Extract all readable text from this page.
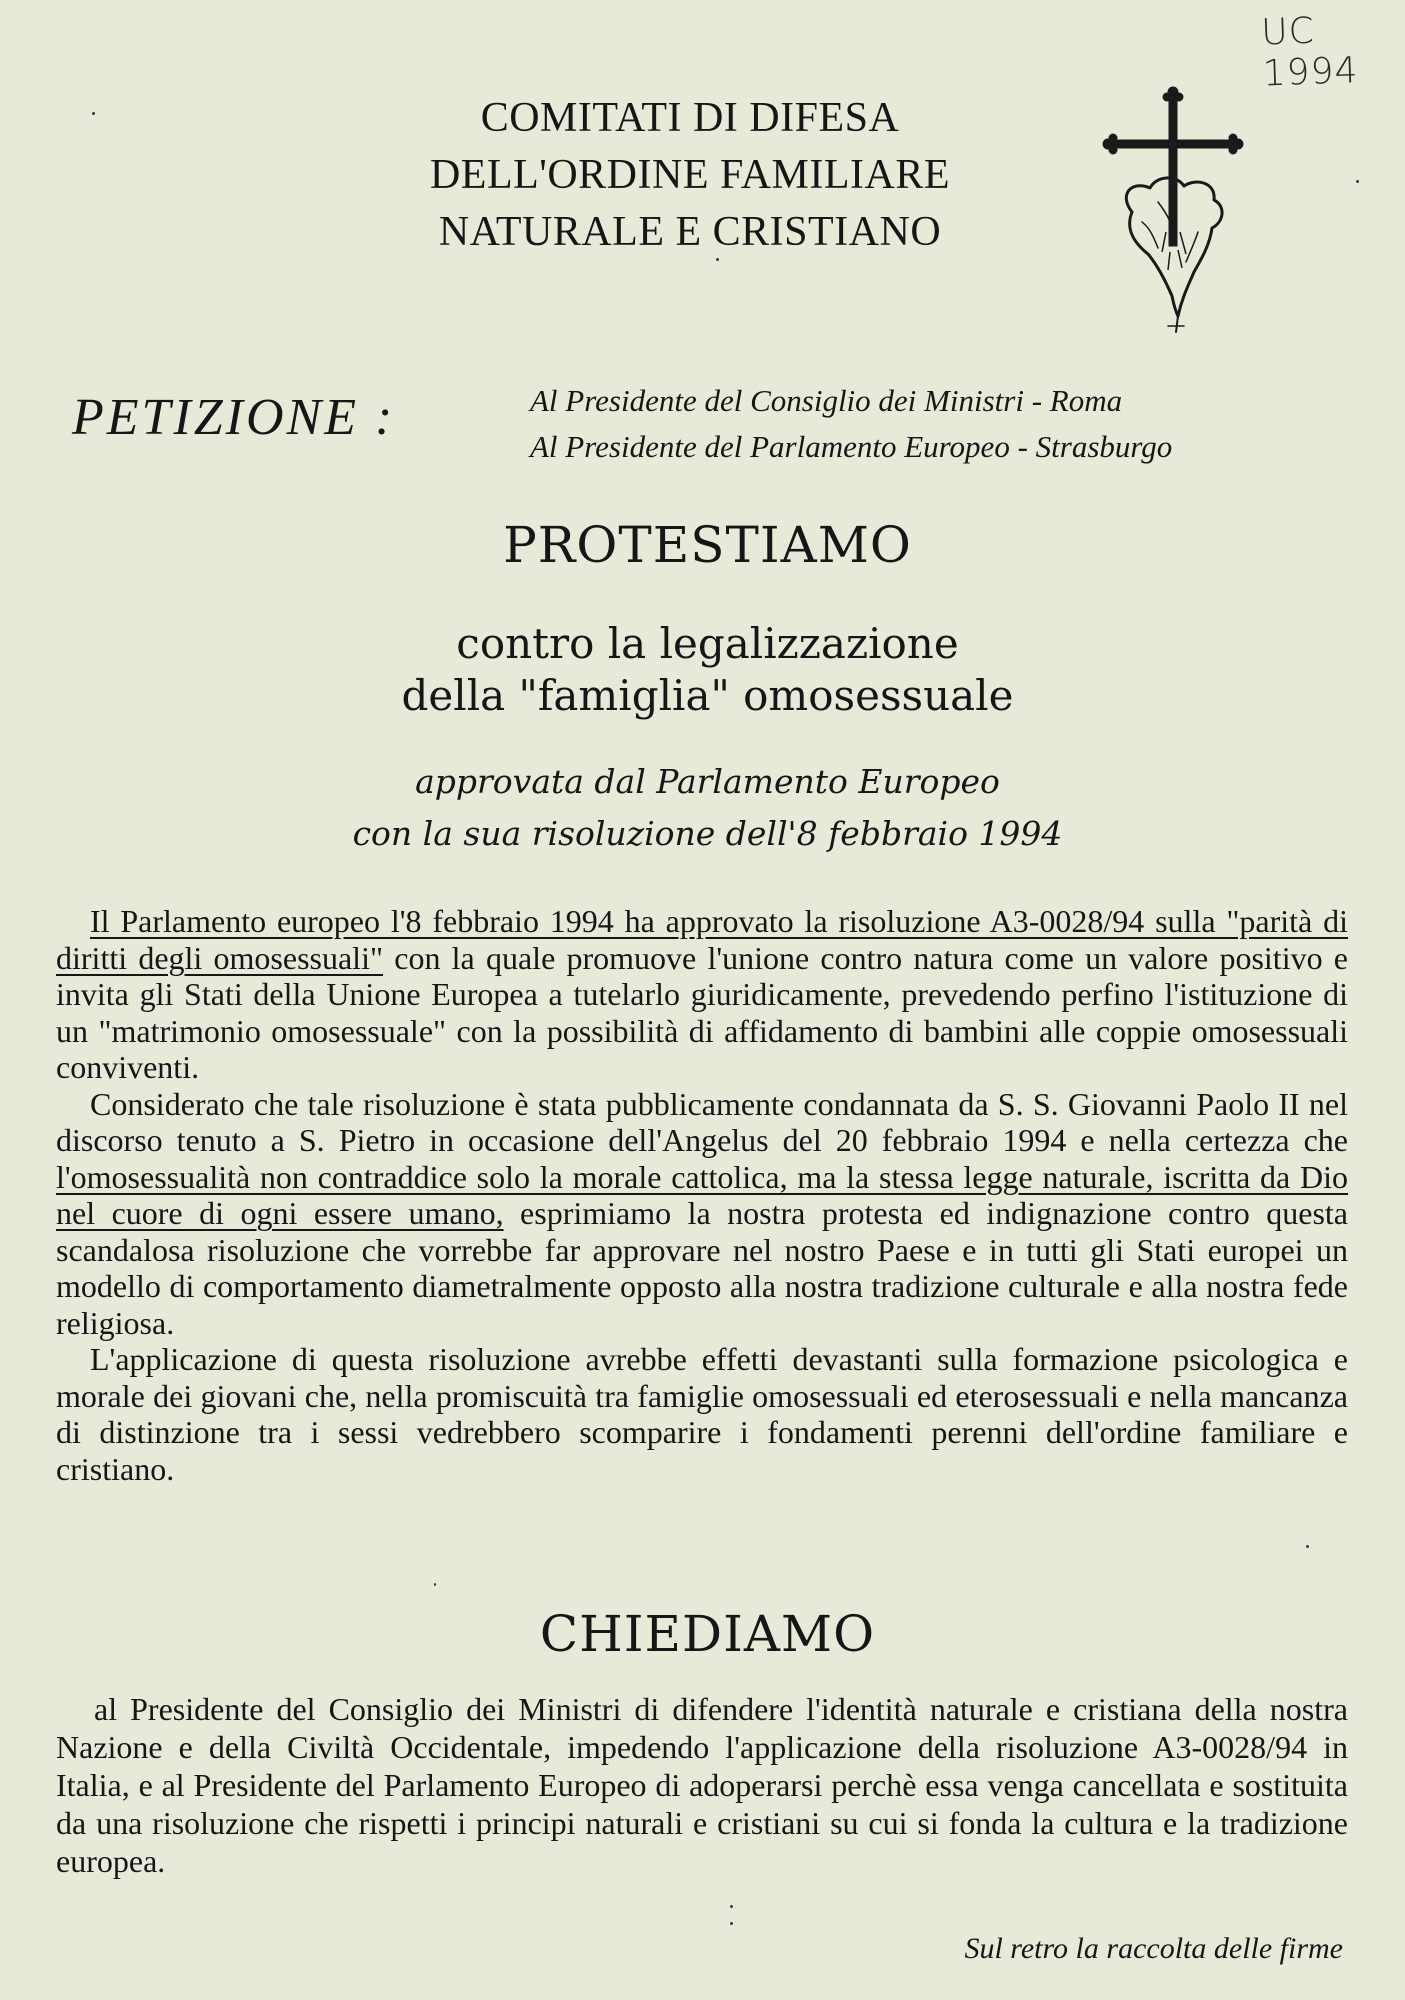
UC 1994
COMITATI DI DIFESA
DELL'ORDINE FAMILIARE
NATURALE E CRISTIANO
PETIZIONE :	Al Presidente del Consiglio dei Ministri - Roma
Al Presidente del Parlamento Europeo - Strasburgo
PROTESTIAMO
contro la legalizzazione
della "famiglia" omosessuale
approvata dal Parlamento Europeo
con la sua risoluzione dell'8 febbraio 1994

Il Parlamento europeo l'8 febbraio 1994 ha approvato la risoluzione A3-0028/94 sulla "parità di diritti degli omosessuali" con la quale promuove l'unione contro natura come un valore positivo e invita gli Stati della Unione Europea a tutelarlo giuridicamente, prevedendo perfino l'istituzione di un "matrimonio omosessuale" con la possibilità di affidamento di bambini alle coppie omosessuali conviventi.

Considerato che tale risoluzione è stata pubblicamente condannata da S. S. Giovanni Paolo II nel discorso tenuto a S. Pietro in occasione dell'Angelus del 20 febbraio 1994 e nella certezza che l'omosessualità non contraddice solo la morale cattolica, ma la stessa legge naturale, iscritta da Dio nel cuore di ogni essere umano, esprimiamo la nostra protesta ed indignazione contro questa scandalosa risoluzione che vorrebbe far approvare nel nostro Paese e in tutti gli Stati europei un modello di comportamento diametralmente opposto alla nostra tradizione culturale e alla nostra fede religiosa.

L'applicazione di questa risoluzione avrebbe effetti devastanti sulla formazione psicologica e morale dei giovani che, nella promiscuità tra famiglie omosessuali ed eterosessuali e nella mancanza di distinzione tra i sessi vedrebbero scomparire i fondamenti perenni dell'ordine familiare e cristiano.

CHIEDIAMO
al Presidente del Consiglio dei Ministri di difendere l'identità naturale e cristiana della nostra Nazione e della Civiltà Occidentale, impedendo l'applicazione della risoluzione A3-0028/94 in Italia, e al Presidente del Parlamento Europeo di adoperarsi perchè essa venga cancellata e sostituita da una risoluzione che rispetti i principi naturali e cristiani su cui si fonda la cultura e la tradizione europea.
Sul retro la raccolta delle firme
